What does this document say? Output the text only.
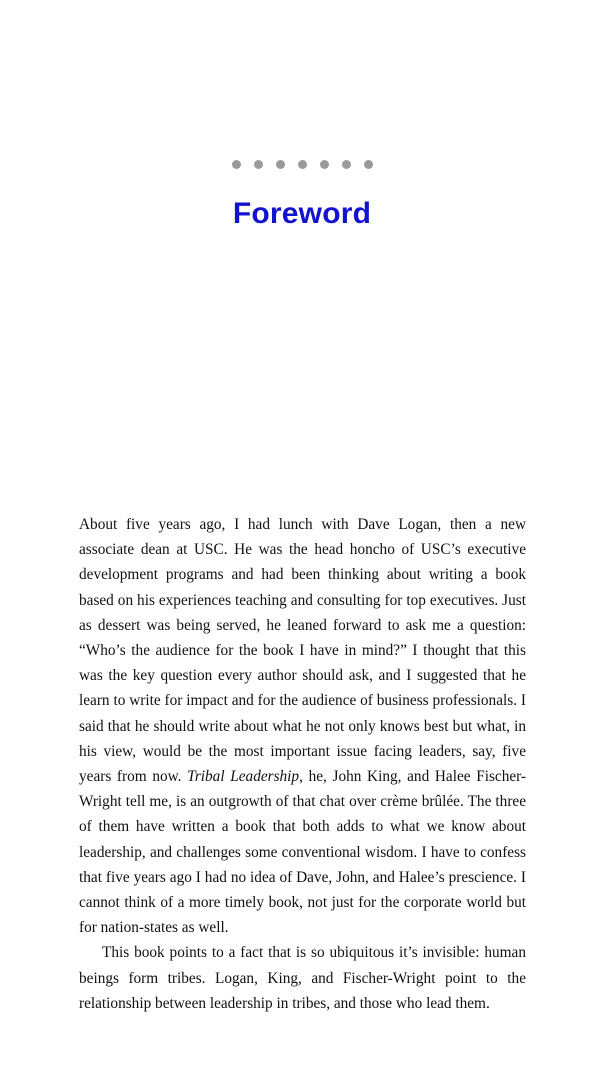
Foreword

About five years ago, I had lunch with Dave Logan, then a new associate dean at USC. He was the head honcho of USC’s executive development programs and had been thinking about writing a book based on his experiences teaching and consulting for top executives. Just as dessert was being served, he leaned forward to ask me a question: “Who’s the audience for the book I have in mind?” I thought that this was the key question every author should ask, and I suggested that he learn to write for impact and for the audience of business professionals. I said that he should write about what he not only knows best but what, in his view, would be the most important issue facing leaders, say, five years from now. Tribal Leadership, he, John King, and Halee Fischer-Wright tell me, is an outgrowth of that chat over crème brûlée. The three of them have written a book that both adds to what we know about leadership, and challenges some conventional wisdom. I have to confess that five years ago I had no idea of Dave, John, and Halee’s prescience. I cannot think of a more timely book, not just for the corporate world but for nation-states as well.

This book points to a fact that is so ubiquitous it’s invisible: human beings form tribes. Logan, King, and Fischer-Wright point to the relationship between leadership in tribes, and those who lead them.
